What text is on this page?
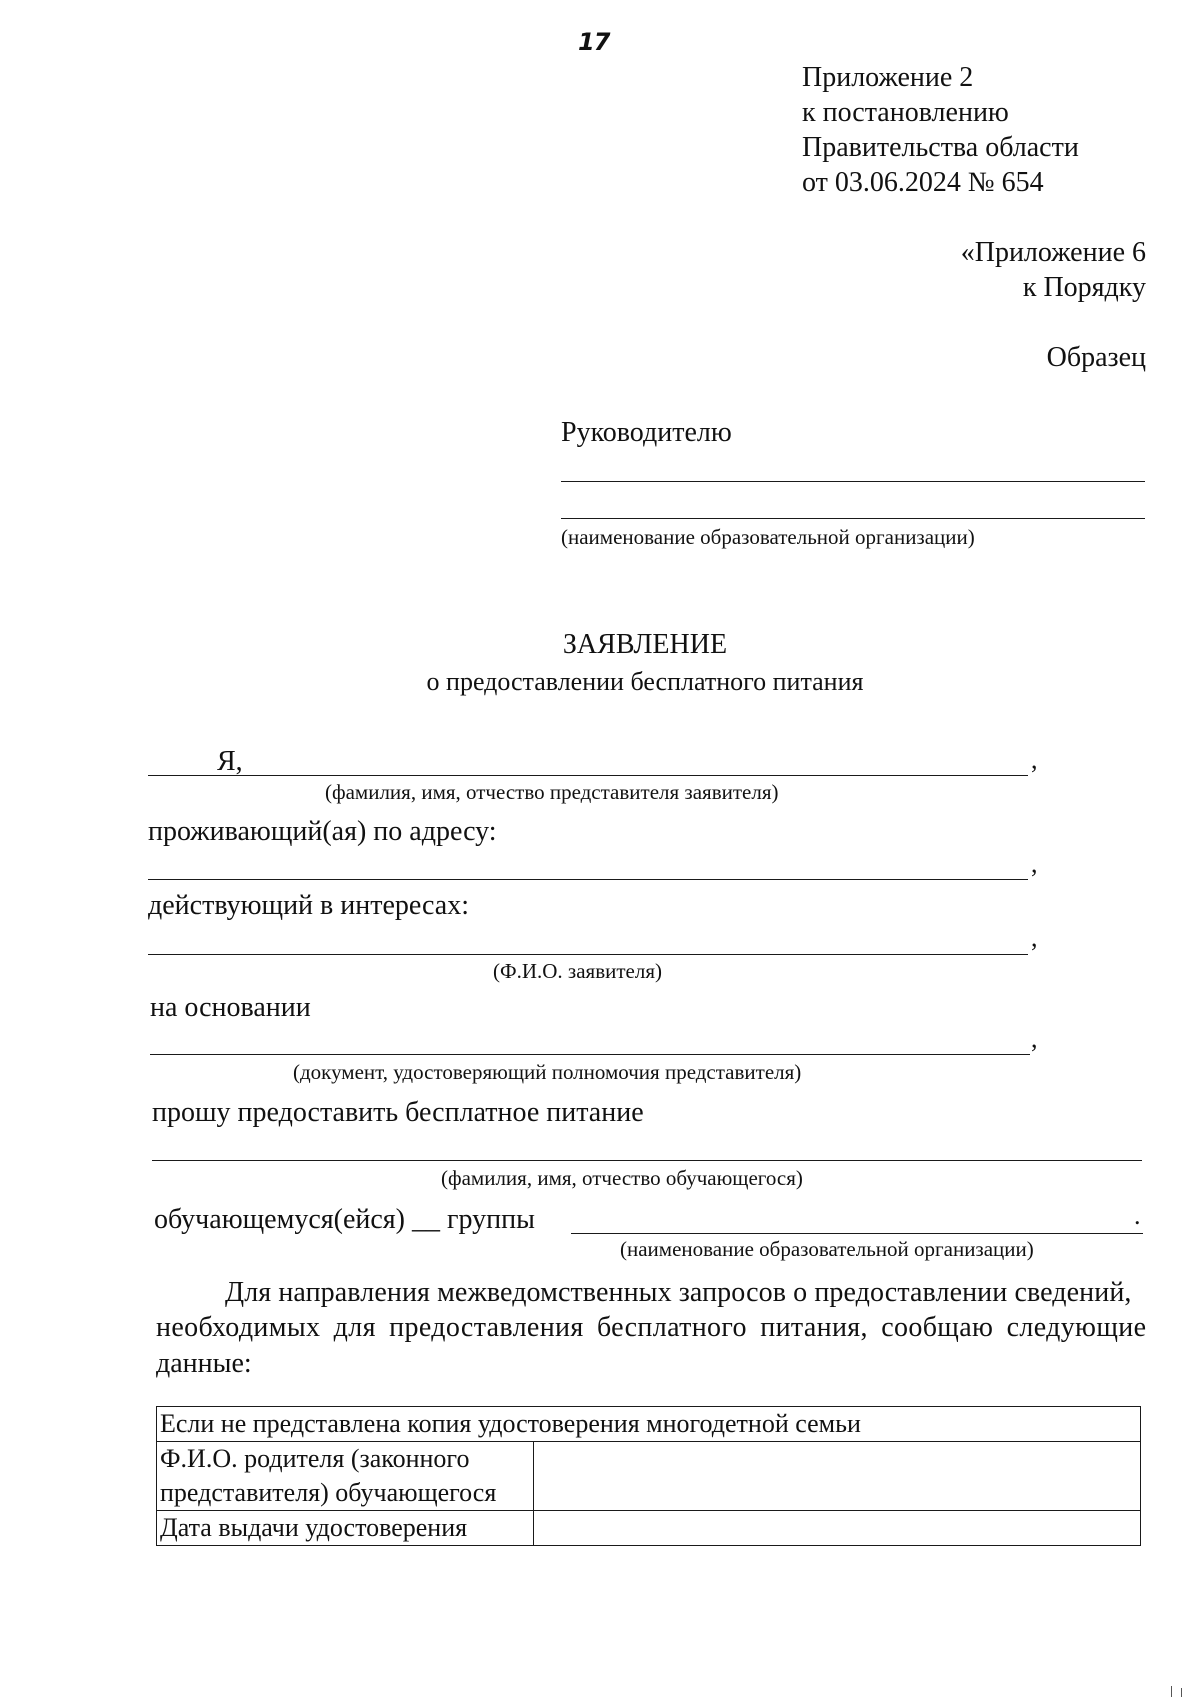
17
Приложение 2
к постановлению
Правительства области
от 03.06.2024 № 654
«Приложение 6
к Порядку
Образец
Руководителю
(наименование образовательной организации)
ЗАЯВЛЕНИЕ
о предоставлении бесплатного питания
Я,	,
(фамилия, имя, отчество представителя заявителя)
проживающий(ая) по адресу:
,
действующий в интересах:
,
(Ф.И.О. заявителя)
на основании
,
(документ, удостоверяющий полномочия представителя)
прошу предоставить бесплатное питание
(фамилия, имя, отчество обучающегося)
обучающемуся(ейся) __ группы	.
(наименование образовательной организации)
Для направления межведомственных запросов о предоставлении сведений,
необходимых для предоставления бесплатного питания, сообщаю следующие
данные:
Если не представлена копия удостоверения многодетной семьи	
Ф.И.О. родителя (законного представителя) обучающегося	
Дата выдачи удостоверения	
